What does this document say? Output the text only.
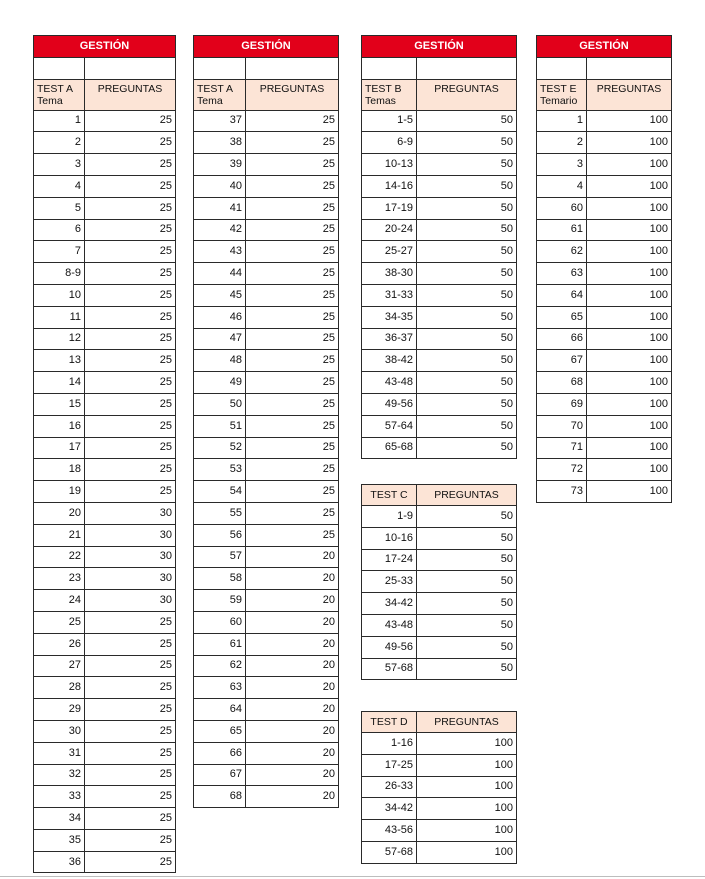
GESTIÓN	

TEST A
Tema	PREGUNTAS
1	25
2	25
3	25
4	25
5	25
6	25
7	25
8-9	25
10	25
11	25
12	25
13	25
14	25
15	25
16	25
17	25
18	25
19	25
20	30
21	30
22	30
23	30
24	30
25	25
26	25
27	25
28	25
29	25
30	25
31	25
32	25
33	25
34	25
35	25
36	25
GESTIÓN	

TEST A
Tema	PREGUNTAS
37	25
38	25
39	25
40	25
41	25
42	25
43	25
44	25
45	25
46	25
47	25
48	25
49	25
50	25
51	25
52	25
53	25
54	25
55	25
56	25
57	20
58	20
59	20
60	20
61	20
62	20
63	20
64	20
65	20
66	20
67	20
68	20
GESTIÓN	

TEST B
Temas	PREGUNTAS
1-5	50
6-9	50
10-13	50
14-16	50
17-19	50
20-24	50
25-27	50
38-30	50
31-33	50
34-35	50
36-37	50
38-42	50
43-48	50
49-56	50
57-64	50
65-68	50
TEST C	PREGUNTAS
1-9	50
10-16	50
17-24	50
25-33	50
34-42	50
43-48	50
49-56	50
57-68	50
TEST D	PREGUNTAS
1-16	100
17-25	100
26-33	100
34-42	100
43-56	100
57-68	100
GESTIÓN	

TEST E
Temario	PREGUNTAS
1	100
2	100
3	100
4	100
60	100
61	100
62	100
63	100
64	100
65	100
66	100
67	100
68	100
69	100
70	100
71	100
72	100
73	100
